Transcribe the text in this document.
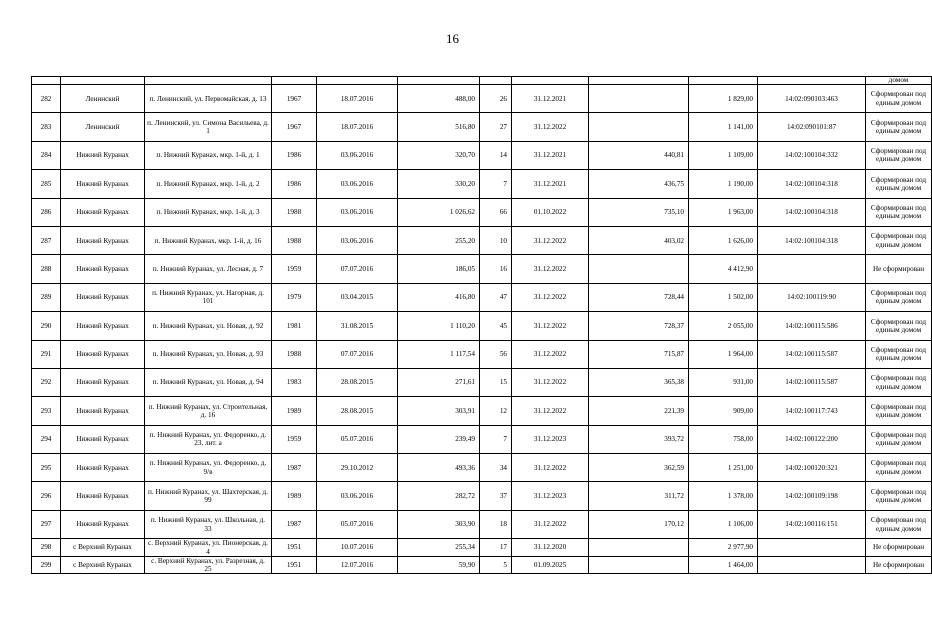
16
											домом
282	Ленинский	п. Ленинский, ул. Первомайская, д. 13	1967	18.07.2016	488,00	26	31.12.2021		1 829,00	14:02:090103:463	Сформирован под единым домом
283	Ленинский	п. Ленинский, ул. Симона Васильева, д. 1	1967	18.07.2016	516,80	27	31.12.2022		1 141,00	14:02:090101:87	Сформирован под единым домом
284	Нижний Куранах	п. Нижний Куранах, мкр. 1-й, д. 1	1986	03.06.2016	320,70	14	31.12.2021	440,81	1 109,00	14:02:100104:332	Сформирован под единым домом
285	Нижний Куранах	п. Нижний Куранах, мкр. 1-й, д. 2	1986	03.06.2016	330,20	7	31.12.2021	436,75	1 190,00	14:02:100104:318	Сформирован под единым домом
286	Нижний Куранах	п. Нижний Куранах, мкр. 1-й, д. 3	1988	03.06.2016	1 026,62	66	01.10.2022	735,10	1 963,00	14:02:100104:318	Сформирован под единым домом
287	Нижний Куранах	п. Нижний Куранах, мкр. 1-й, д. 16	1988	03.06.2016	255,20	10	31.12.2022	403,02	1 626,00	14:02:100104:318	Сформирован под единым домом
288	Нижний Куранах	п. Нижний Куранах, ул. Лесная, д. 7	1959	07.07.2016	186,05	16	31.12.2022		4 412,90		Не сформирован
289	Нижний Куранах	п. Нижний Куранах, ул. Нагорная, д. 101	1979	03.04.2015	416,80	47	31.12.2022	728,44	1 502,00	14:02:100119:90	Сформирован под единым домом
290	Нижний Куранах	п. Нижний Куранах, ул. Новая, д. 92	1981	31.08.2015	1 110,20	45	31.12.2022	728,37	2 055,00	14:02:100115:586	Сформирован под единым домом
291	Нижний Куранах	п. Нижний Куранах, ул. Новая, д. 93	1988	07.07.2016	1 117,54	56	31.12.2022	715,87	1 964,00	14:02:100115:587	Сформирован под единым домом
292	Нижний Куранах	п. Нижний Куранах, ул. Новая, д. 94	1983	28.08.2015	271,61	15	31.12.2022	365,38	931,00	14:02:100115:587	Сформирован под единым домом
293	Нижний Куранах	п. Нижний Куранах, ул. Строительная, д. 16	1989	28.08.2015	303,91	12	31.12.2022	221,39	909,00	14:02:100117:743	Сформирован под единым домом
294	Нижний Куранах	п. Нижний Куранах, ул. Федоренко, д. 23, лит. а	1959	05.07.2016	239,49	7	31.12.2023	393,72	758,00	14:02:100122:200	Сформирован под единым домом
295	Нижний Куранах	п. Нижний Куранах, ул. Федоренко, д. 9/в	1987	29.10.2012	493,36	34	31.12.2022	362,59	1 251,00	14:02:100120:321	Сформирован под единым домом
296	Нижний Куранах	п. Нижний Куранах, ул. Шахтерская, д. 99	1989	03.06.2016	282,72	37	31.12.2023	311,72	1 378,00	14:02:100109:198	Сформирован под единым домом
297	Нижний Куранах	п. Нижний Куранах, ул. Школьная, д. 33	1987	05.07.2016	303,90	18	31.12.2022	170,12	1 106,00	14:02:100116:151	Сформирован под единым домом
298	с Верхний Куранах	с. Верхний Куранах, ул. Пионерская, д. 4	1951	10.07.2016	255,34	17	31.12.2020		2 977,90		Не сформирован
299	с Верхний Куранах	с. Верхний Куранах, ул. Разрезная, д. 25	1951	12.07.2016	59,90	5	01.09.2025		1 464,00		Не сформирован
